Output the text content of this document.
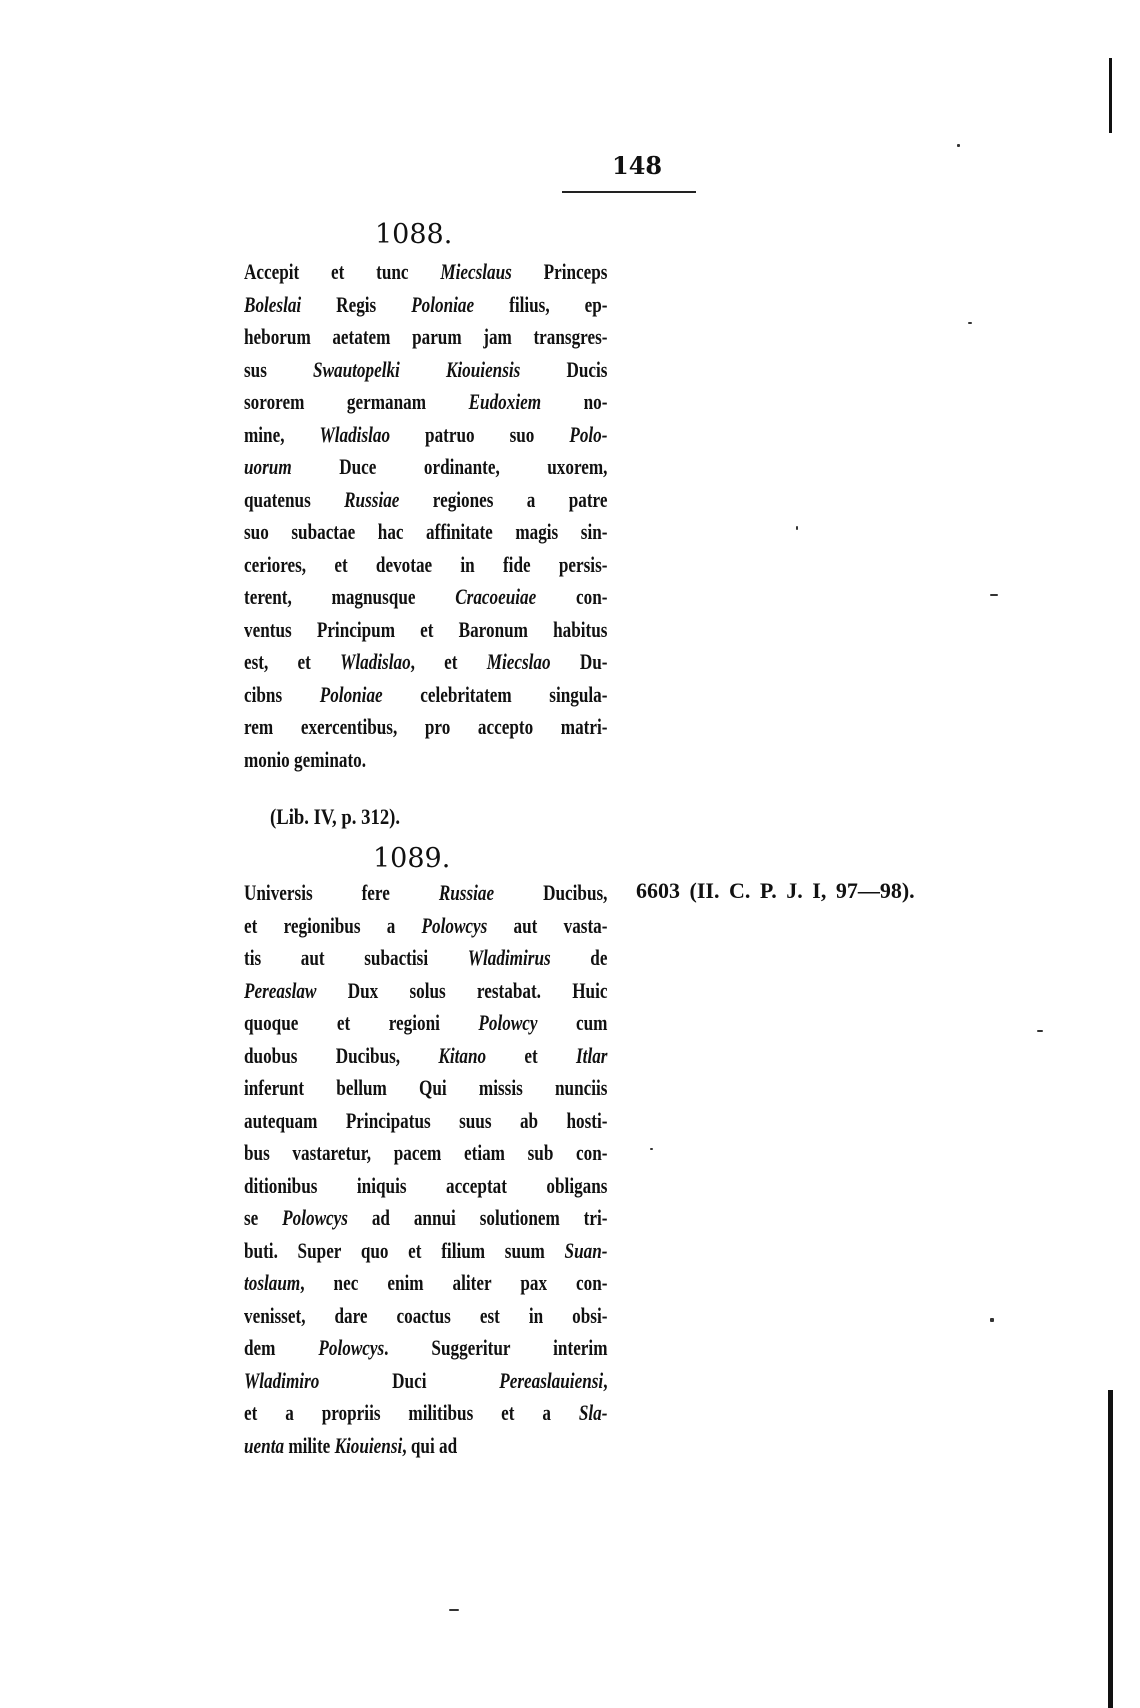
148
1088.
Accepit et tunc Miecslaus Princeps
Boleslai Regis Poloniae filius, ep-
heborum aetatem parum jam transgres-
sus Swautopelki Kiouiensis Ducis
sororem germanam Eudoxiem no-
mine, Wladislao patruo suo Polo-
uorum Duce ordinante, uxorem,
quatenus Russiae regiones a patre
suo subactae hac affinitate magis sin-
ceriores, et devotae in fide persis-
terent, magnusque Cracoeuiae con-
ventus Principum et Baronum habitus
est, et Wladislao, et Miecslao Du-
cibns Poloniae celebritatem singula-
rem exercentibus, pro accepto matri-
monio geminato.
(Lib. IV, p. 312).
1089.
Universis fere Russiae Ducibus,
et regionibus a Polowcys aut vasta-
tis aut subactisi Wladimirus de
Pereaslaw Dux solus restabat. Huic
quoque et regioni Polowcy cum
duobus Ducibus, Kitano et Itlar
inferunt bellum Qui missis nunciis
autequam Principatus suus ab hosti-
bus vastaretur, pacem etiam sub con-
ditionibus iniquis acceptat obligans
se Polowcys ad annui solutionem tri-
buti. Super quo et filium suum Suan-
toslaum, nec enim aliter pax con-
venisset, dare coactus est in obsi-
dem Polowcys. Suggeritur interim
Wladimiro Duci Pereaslauiensi,
et a propriis militibus et a Sla-
uenta milite Kiouiensi, qui ad
6603 (II. C. P. J. I, 97—98).
